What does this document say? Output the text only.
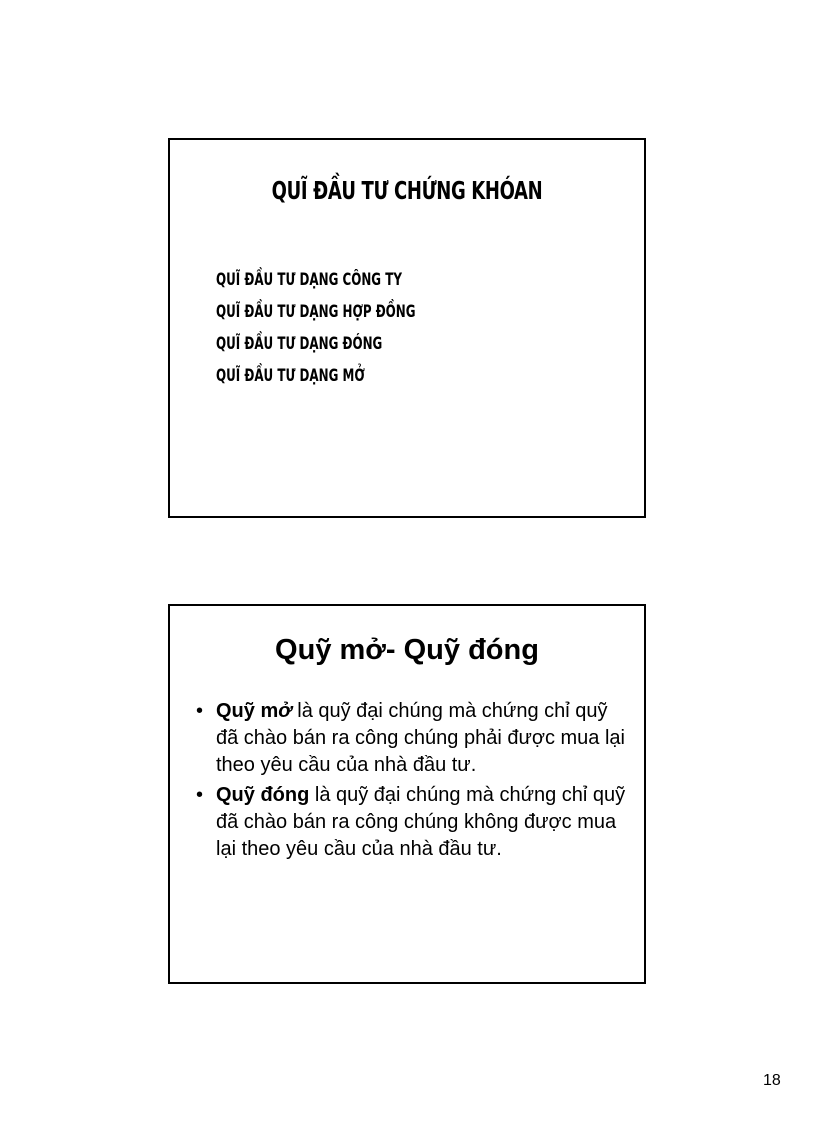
QUĨ ĐẦU TƯ CHỨNG KHÓAN
QUĨ ĐẦU TƯ DẠNG CÔNG TY
QUĨ ĐẦU TƯ DẠNG HỢP ĐỒNG
QUĨ ĐẦU TƯ DẠNG ĐÓNG
QUĨ ĐẦU TƯ DẠNG MỞ
Quỹ mở- Quỹ đóng
• Quỹ mở là quỹ đại chúng mà chứng chỉ quỹ đã chào bán ra công chúng phải được mua lại theo yêu cầu của nhà đầu tư.
• Quỹ đóng là quỹ đại chúng mà chứng chỉ quỹ đã chào bán ra công chúng không được mua lại theo yêu cầu của nhà đầu tư.
18
